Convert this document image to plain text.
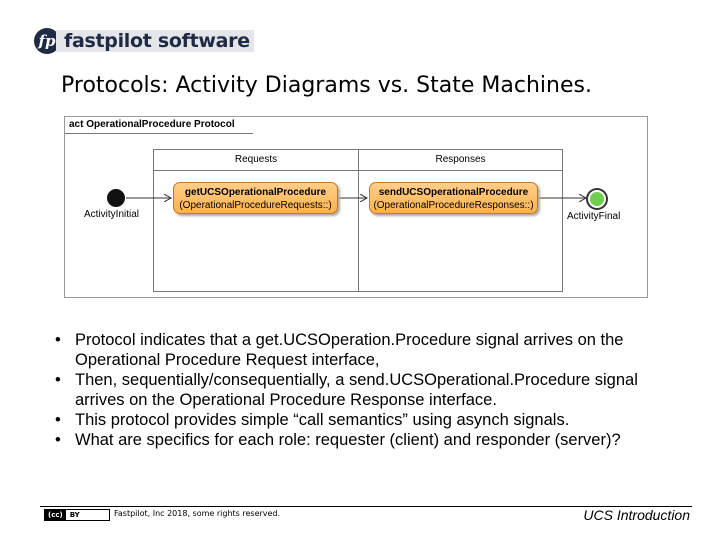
fp fastpilot software
Protocols: Activity Diagrams vs. State Machines.
act OperationalProcedure Protocol
Requests	Responses
ActivityInitial
getUCSOperationalProcedure
(OperationalProcedureRequests::)
sendUCSOperationalProcedure
(OperationalProcedureResponses::)
ActivityFinal
• Protocol indicates that a get.UCSOperation.Procedure signal arrives on the Operational Procedure Request interface,
• Then, sequentially/consequentially, a send.UCSOperational.Procedure signal arrives on the Operational Procedure Response interface.
• This protocol provides simple “call semantics” using asynch signals.
• What are specifics for each role: requester (client) and responder (server)?
(cc)	BY	Fastpilot, Inc 2018, some rights reserved.	UCS Introduction
